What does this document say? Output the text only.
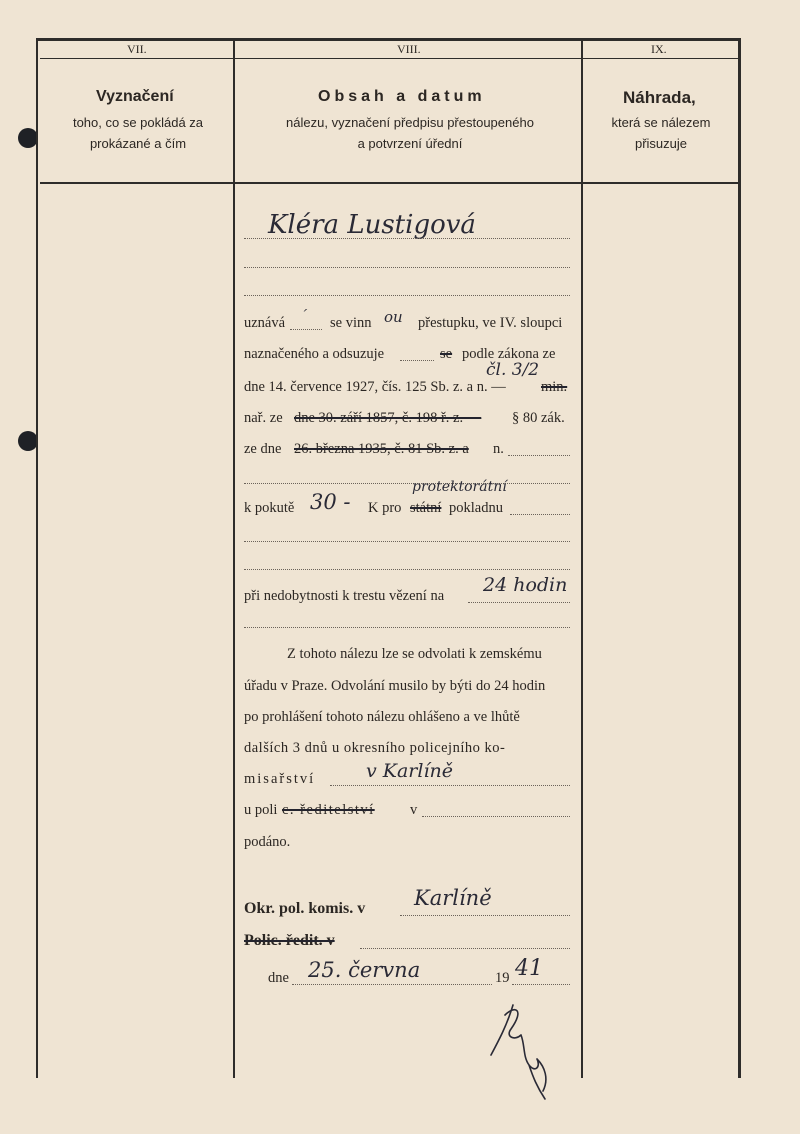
VII.
Vyznačení
toho, co se pokládá za
prokázané a čím
VIII.
Obsah a datum
nálezu, vyznačení předpisu přestoupeného
a potvrzení úřední
IX.
Náhrada,
která se nálezem
přisuzuje
Kléra Lustigová
uznává ´ se vinn ou přestupku, ve IV. sloupci
naznačeného a odsuzuje	se podle zákona ze
čl. 3/2
dne 14. července 1927, čís. 125 Sb. z. a n. — min.
nař. ze dne 30. září 1857, č. 198 ř. z. — § 80 zák.
ze dne 26. března 1935, č. 81 Sb. z. a n.
k pokutě 30 - K pro
protektorátní
státní pokladnu
při nedobytnosti k trestu vězení na 24 hodin
Z tohoto nálezu lze se odvolati k zemskému
úřadu v Praze. Odvolání musilo by býti do 24 hodin
po prohlášení tohoto nálezu ohlášeno a ve lhůtě
dalších 3 dnů u okresního policejního ko-
misařství	v Karlíně
u poli c. ředitelství v
podáno.
Okr. pol. komis. v Karlíně
Polic. ředit. v
dne 25. června	19 41
